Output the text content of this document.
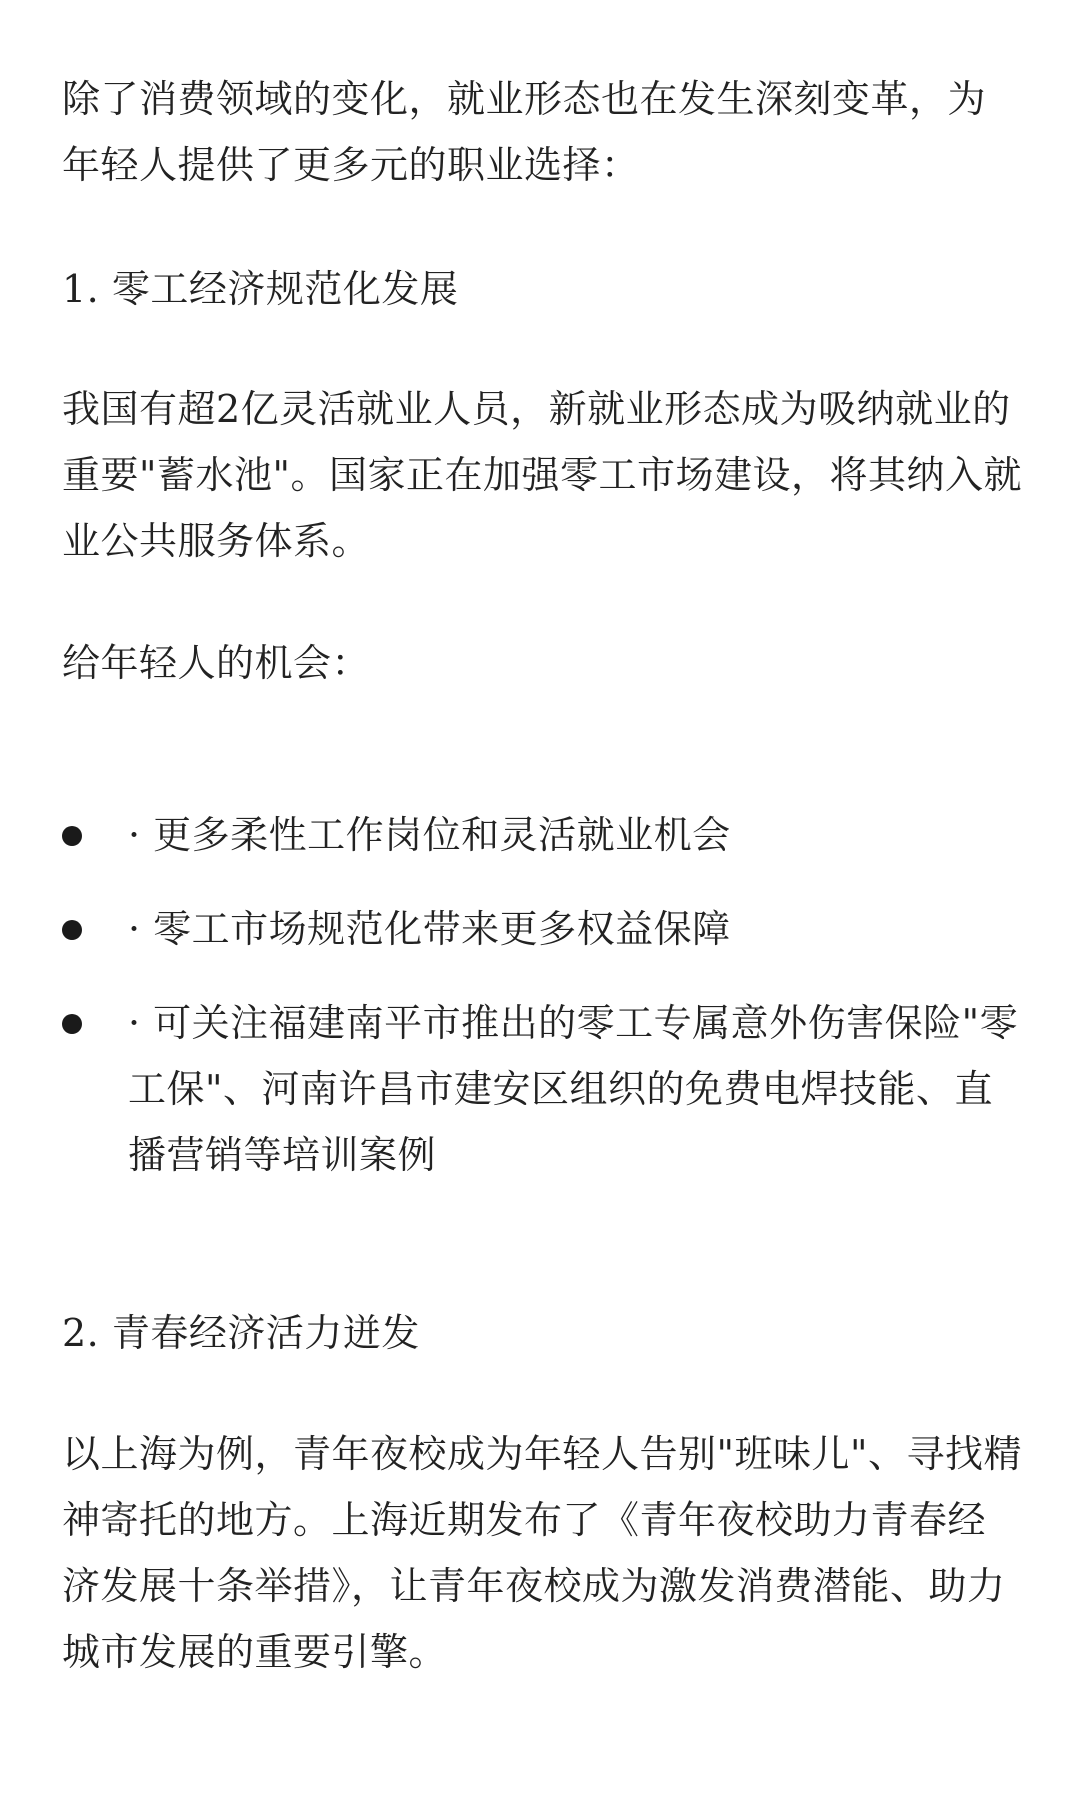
除了消费领域的变化，就业形态也在发生深刻变革，为年轻人提供了更多元的职业选择：

1. 零工经济规范化发展

我国有超2亿灵活就业人员，新就业形态成为吸纳就业的重要"蓄水池"。国家正在加强零工市场建设，将其纳入就业公共服务体系。

给年轻人的机会：

· 更多柔性工作岗位和灵活就业机会
· 零工市场规范化带来更多权益保障
· 可关注福建南平市推出的零工专属意外伤害保险"零工保"、河南许昌市建安区组织的免费电焊技能、直播营销等培训案例

2. 青春经济活力迸发

以上海为例，青年夜校成为年轻人告别"班味儿"、寻找精神寄托的地方。上海近期发布了《青年夜校助力青春经济发展十条举措》，让青年夜校成为激发消费潜能、助力城市发展的重要引擎。
